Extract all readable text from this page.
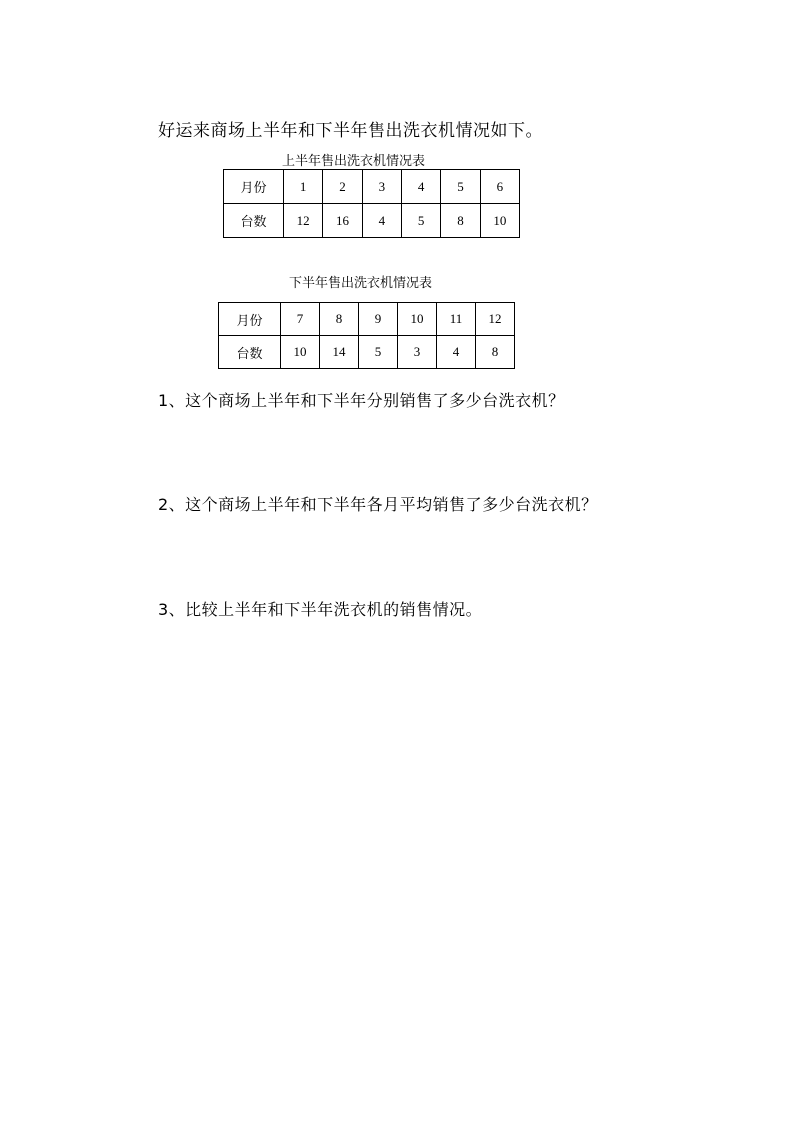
好运来商场上半年和下半年售出洗衣机情况如下。
上半年售出洗衣机情况表
月份	1	2	3	4	5	6
台数	12	16	4	5	8	10
下半年售出洗衣机情况表
月份	7	8	9	10	11	12
台数	10	14	5	3	4	8
1、这个商场上半年和下半年分别销售了多少台洗衣机？
2、这个商场上半年和下半年各月平均销售了多少台洗衣机？
3、比较上半年和下半年洗衣机的销售情况。
